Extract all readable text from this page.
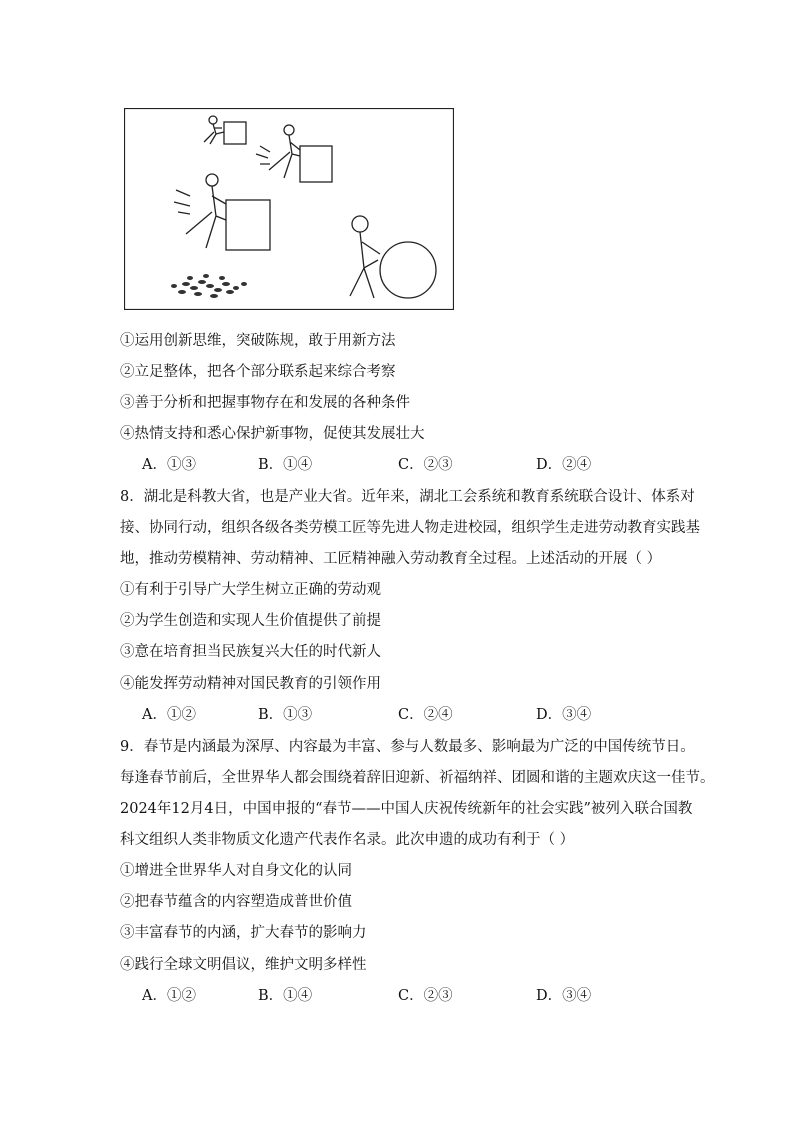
①运用创新思维，突破陈规，敢于用新方法
②立足整体，把各个部分联系起来综合考察
③善于分析和把握事物存在和发展的各种条件
④热情支持和悉心保护新事物，促使其发展壮大
A．①③	B．①④	C．②③	D．②④
8．湖北是科教大省，也是产业大省。近年来，湖北工会系统和教育系统联合设计、体系对
接、协同行动，组织各级各类劳模工匠等先进人物走进校园，组织学生走进劳动教育实践基
地，推动劳模精神、劳动精神、工匠精神融入劳动教育全过程。上述活动的开展（ ）
①有利于引导广大学生树立正确的劳动观
②为学生创造和实现人生价值提供了前提
③意在培育担当民族复兴大任的时代新人
④能发挥劳动精神对国民教育的引领作用
A．①②	B．①③	C．②④	D．③④
9．春节是内涵最为深厚、内容最为丰富、参与人数最多、影响最为广泛的中国传统节日。
每逢春节前后，全世界华人都会围绕着辞旧迎新、祈福纳祥、团圆和谐的主题欢庆这一佳节。
2024年12月4日，中国申报的“春节——中国人庆祝传统新年的社会实践”被列入联合国教
科文组织人类非物质文化遗产代表作名录。此次申遗的成功有利于（ ）
①增进全世界华人对自身文化的认同
②把春节蕴含的内容塑造成普世价值
③丰富春节的内涵，扩大春节的影响力
④践行全球文明倡议，维护文明多样性
A．①②	B．①④	C．②③	D．③④
